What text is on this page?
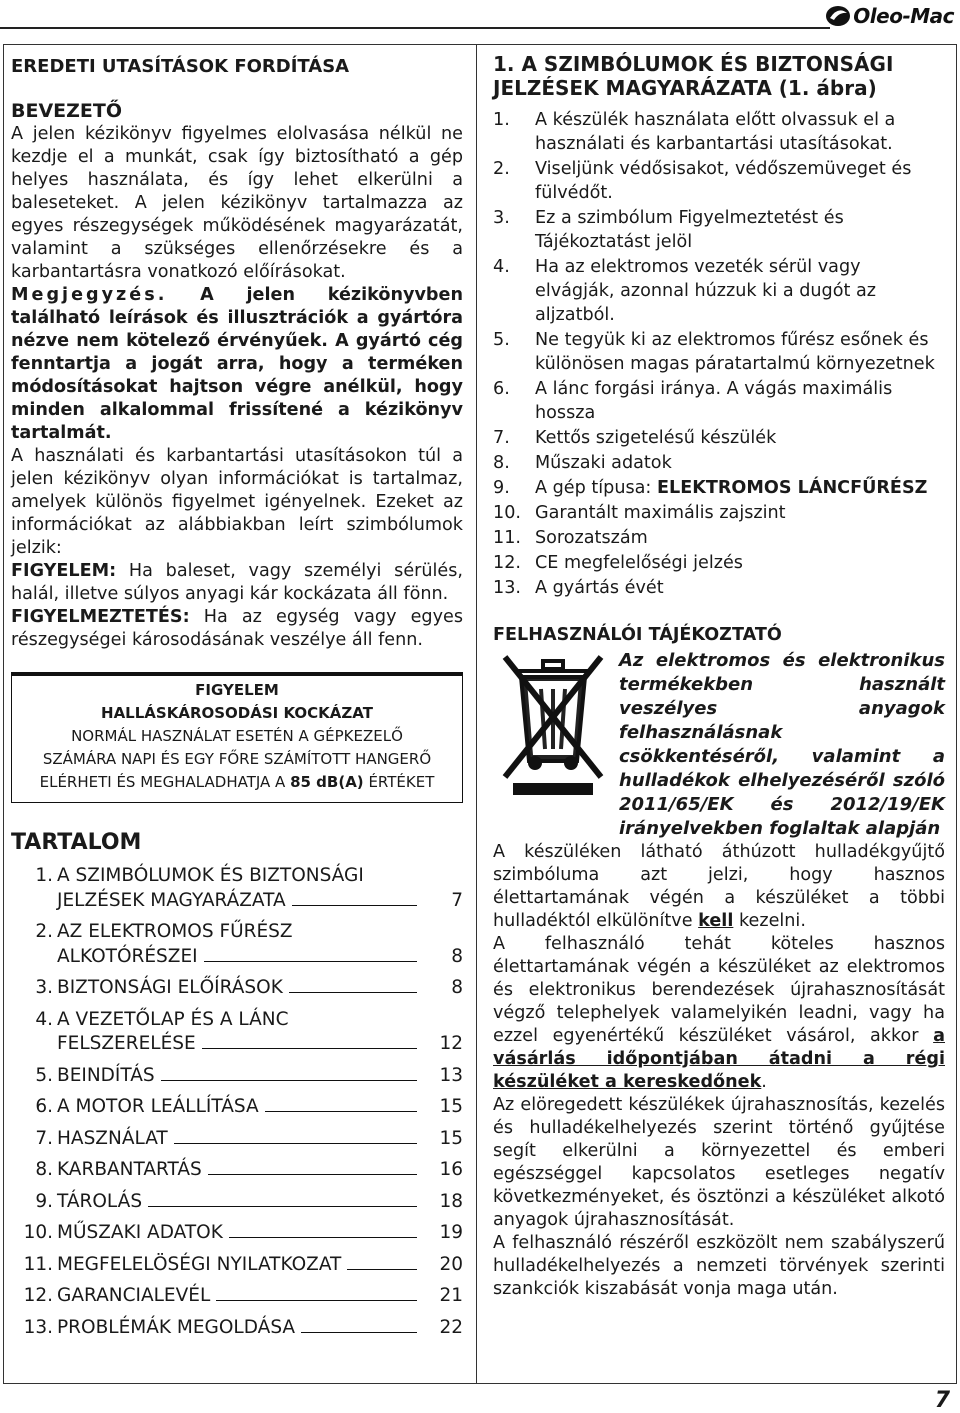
Oleo-Mac

EREDETI UTASÍTÁSOK FORDÍTÁSA

BEVEZETŐ

A jelen kézikönyv figyelmes elolvasása nélkül ne kezdje el a munkát, csak így biztosítható a gép helyes használata, és így lehet elkerülni a baleseteket. A jelen kézikönyv tartalmazza az egyes részegységek működésének magyarázatát, valamint a szükséges ellenőrzésekre és a karbantartásra vonatkozó előírásokat.

Megjegyzés. A jelen kézikönyvben található leírások és illusztrációk a gyártóra nézve nem kötelező érvényűek. A gyártó cég fenntartja a jogát arra, hogy a terméken módosításokat hajtson végre anélkül, hogy minden alkalommal frissítené a kézikönyv tartalmát.

A használati és karbantartási utasításokon túl a jelen kézikönyv olyan információkat is tartalmaz, amelyek különös figyelmet igényelnek. Ezeket az információkat az alábbiakban leírt szimbólumok jelzik:

FIGYELEM: Ha baleset, vagy személyi sérülés, halál, illetve súlyos anyagi kár kockázata áll fönn.

FIGYELMEZTETÉS: Ha az egység vagy egyes részegységei károsodásának veszélye áll fenn.

FIGYELEM
HALLÁSKÁROSODÁSI KOCKÁZAT
NORMÁL HASZNÁLAT ESETÉN A GÉPKEZELŐ
SZÁMÁRA NAPI ÉS EGY FŐRE SZÁMÍTOTT HANGERŐ
ELÉRHETI ÉS MEGHALADHATJA A 85 dB(A) ÉRTÉKET

TARTALOM

1. A SZIMBÓLUMOK ÉS BIZTONSÁGI
JELZÉSEK MAGYARÁZATA	7
2. AZ ELEKTROMOS FŰRÉSZ
ALKOTÓRÉSZEI	8
3. BIZTONSÁGI ELŐÍRÁSOK	8
4. A VEZETŐLAP ÉS A LÁNC
FELSZERELÉSE	12
5. BEINDÍTÁS	13
6. A MOTOR LEÁLLÍTÁSA	15
7. HASZNÁLAT	15
8. KARBANTARTÁS	16
9. TÁROLÁS	18
10. MŰSZAKI ADATOK	19
11. MEGFELELÖSÉGI NYILATKOZAT	20
12. GARANCIALEVÉL	21
13. PROBLÉMÁK MEGOLDÁSA	22

1. A SZIMBÓLUMOK ÉS BIZTONSÁGI JELZÉSEK MAGYARÁZATA (1. ábra)

1.	A készülék használata előtt olvassuk el a használati és karbantartási utasításokat.
2.	Viseljünk védősisakot, védőszemüveget és fülvédőt.
3.	Ez a szimbólum Figyelmeztetést és Tájékoztatást jelöl
4.	Ha az elektromos vezeték sérül vagy elvágják, azonnal húzzuk ki a dugót az aljzatból.
5.	Ne tegyük ki az elektromos fűrész esőnek és különösen magas páratartalmú környezetnek
6.	A lánc forgási iránya. A vágás maximális hossza
7.	Kettős szigetelésű készülék
8.	Műszaki adatok
9.	A gép típusa: ELEKTROMOS LÁNCFŰRÉSZ
10. Garantált maximális zajszint
11. Sorozatszám
12. CE megfelelőségi jelzés
13. A gyártás évét

FELHASZNÁLÓI TÁJÉKOZTATÓ

Az elektromos és elektronikus termékekben használt veszélyes anyagok felhasználásnak csökkentéséről, valamint a hulladékok elhelyezéséről szóló 2011/65/EK és 2012/19/EK irányelvekben foglaltak alapján

A készüléken látható áthúzott hulladékgyűjtő szimbóluma azt jelzi, hogy hasznos élettartamának végén a készüléket a többi hulladéktól elkülönítve kell kezelni.

A felhasználó tehát köteles hasznos élettartamának végén a készüléket az elektromos és elektronikus berendezések újrahasznosítását végző telephelyek valamelyikén leadni, vagy ha ezzel egyenértékű készüléket vásárol, akkor a vásárlás időpontjában átadni a régi készüléket a kereskedőnek.

Az elöregedett készülékek újrahasznosítás, kezelés és hulladékelhelyezés szerint történő gyűjtése segít elkerülni a környezettel és emberi egészséggel kapcsolatos esetleges negatív következményeket, és ösztönzi a készüléket alkotó anyagok újrahasznosítását.

A felhasználó részéről eszközölt nem szabályszerű hulladékelhelyezés a nemzeti törvények szerinti szankciók kiszabását vonja maga után.

7
